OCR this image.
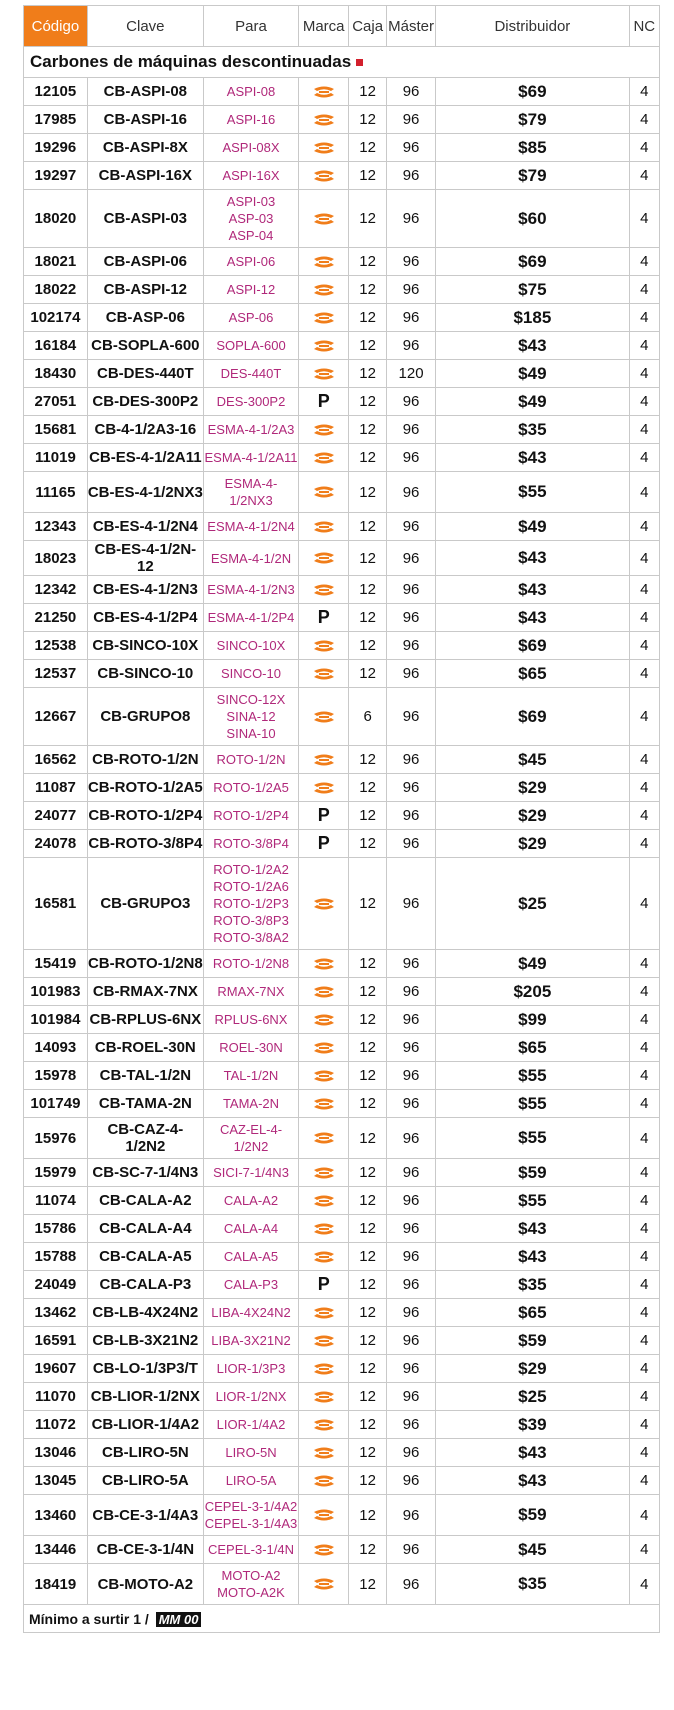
Código	Clave	Para	Marca	Caja	Máster	Distribuidor	NC
Carbones de máquinas descontinuadas							
12105	CB-ASPI-08	ASPI-08		12	96	$69	4
17985	CB-ASPI-16	ASPI-16		12	96	$79	4
19296	CB-ASPI-8X	ASPI-08X		12	96	$85	4
19297	CB-ASPI-16X	ASPI-16X		12	96	$79	4
18020	CB-ASPI-03	ASPI-03
ASP-03
ASP-04		12	96	$60	4
18021	CB-ASPI-06	ASPI-06		12	96	$69	4
18022	CB-ASPI-12	ASPI-12		12	96	$75	4
102174	CB-ASP-06	ASP-06		12	96	$185	4
16184	CB-SOPLA-600	SOPLA-600		12	96	$43	4
18430	CB-DES-440T	DES-440T		12	120	$49	4
27051	CB-DES-300P2	DES-300P2	P	12	96	$49	4
15681	CB-4-1/2A3-16	ESMA-4-1/2A3		12	96	$35	4
11019	CB-ES-4-1/2A11	ESMA-4-1/2A11		12	96	$43	4
11165	CB-ES-4-1/2NX3	ESMA-4-1/2NX3		12	96	$55	4
12343	CB-ES-4-1/2N4	ESMA-4-1/2N4		12	96	$49	4
18023	CB-ES-4-1/2N-12	ESMA-4-1/2N		12	96	$43	4
12342	CB-ES-4-1/2N3	ESMA-4-1/2N3		12	96	$43	4
21250	CB-ES-4-1/2P4	ESMA-4-1/2P4	P	12	96	$43	4
12538	CB-SINCO-10X	SINCO-10X		12	96	$69	4
12537	CB-SINCO-10	SINCO-10		12	96	$65	4
12667	CB-GRUPO8	SINCO-12X
SINA-12
SINA-10		6	96	$69	4
16562	CB-ROTO-1/2N	ROTO-1/2N		12	96	$45	4
11087	CB-ROTO-1/2A5	ROTO-1/2A5		12	96	$29	4
24077	CB-ROTO-1/2P4	ROTO-1/2P4	P	12	96	$29	4
24078	CB-ROTO-3/8P4	ROTO-3/8P4	P	12	96	$29	4
16581	CB-GRUPO3	ROTO-1/2A2
ROTO-1/2A6
ROTO-1/2P3
ROTO-3/8P3
ROTO-3/8A2		12	96	$25	4
15419	CB-ROTO-1/2N8	ROTO-1/2N8		12	96	$49	4
101983	CB-RMAX-7NX	RMAX-7NX		12	96	$205	4
101984	CB-RPLUS-6NX	RPLUS-6NX		12	96	$99	4
14093	CB-ROEL-30N	ROEL-30N		12	96	$65	4
15978	CB-TAL-1/2N	TAL-1/2N		12	96	$55	4
101749	CB-TAMA-2N	TAMA-2N		12	96	$55	4
15976	CB-CAZ-4-1/2N2	CAZ-EL-4-1/2N2		12	96	$55	4
15979	CB-SC-7-1/4N3	SICI-7-1/4N3		12	96	$59	4
11074	CB-CALA-A2	CALA-A2		12	96	$55	4
15786	CB-CALA-A4	CALA-A4		12	96	$43	4
15788	CB-CALA-A5	CALA-A5		12	96	$43	4
24049	CB-CALA-P3	CALA-P3	P	12	96	$35	4
13462	CB-LB-4X24N2	LIBA-4X24N2		12	96	$65	4
16591	CB-LB-3X21N2	LIBA-3X21N2		12	96	$59	4
19607	CB-LO-1/3P3/T	LIOR-1/3P3		12	96	$29	4
11070	CB-LIOR-1/2NX	LIOR-1/2NX		12	96	$25	4
11072	CB-LIOR-1/4A2	LIOR-1/4A2		12	96	$39	4
13046	CB-LIRO-5N	LIRO-5N		12	96	$43	4
13045	CB-LIRO-5A	LIRO-5A		12	96	$43	4
13460	CB-CE-3-1/4A3	CEPEL-3-1/4A2
CEPEL-3-1/4A3		12	96	$59	4
13446	CB-CE-3-1/4N	CEPEL-3-1/4N		12	96	$45	4
18419	CB-MOTO-A2	MOTO-A2
MOTO-A2K		12	96	$35	4
Mínimo a surtir 1 / MM 00							
